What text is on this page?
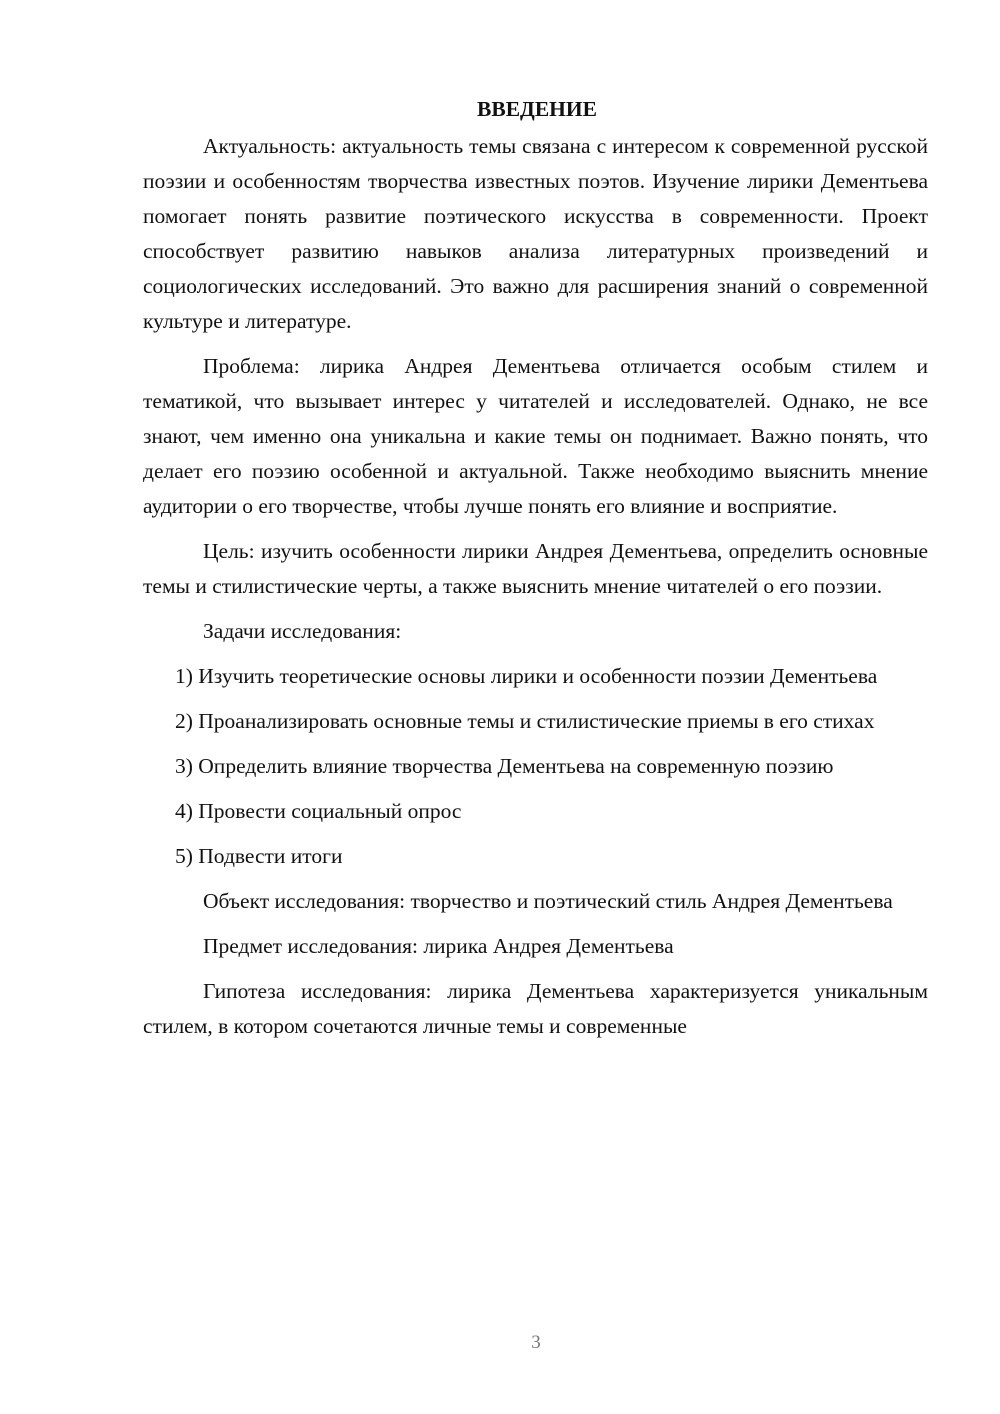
ВВЕДЕНИЕ

Актуальность: актуальность темы связана с интересом к современной русской поэзии и особенностям творчества известных поэтов. Изучение лирики Дементьева помогает понять развитие поэтического искусства в современности. Проект способствует развитию навыков анализа литературных произведений и социологических исследований. Это важно для расширения знаний о современной культуре и литературе.

Проблема: лирика Андрея Дементьева отличается особым стилем и тематикой, что вызывает интерес у читателей и исследователей. Однако, не все знают, чем именно она уникальна и какие темы он поднимает. Важно понять, что делает его поэзию особенной и актуальной. Также необходимо выяснить мнение аудитории о его творчестве, чтобы лучше понять его влияние и восприятие.

Цель: изучить особенности лирики Андрея Дементьева, определить основные темы и стилистические черты, а также выяснить мнение читателей о его поэзии.

Задачи исследования:

1) Изучить теоретические основы лирики и особенности поэзии Дементьева

2) Проанализировать основные темы и стилистические приемы в его стихах

3) Определить влияние творчества Дементьева на современную поэзию

4) Провести социальный опрос

5) Подвести итоги

Объект исследования: творчество и поэтический стиль Андрея Дементьева

Предмет исследования: лирика Андрея Дементьева

Гипотеза исследования: лирика Дементьева характеризуется уникальным стилем, в котором сочетаются личные темы и современные

3
